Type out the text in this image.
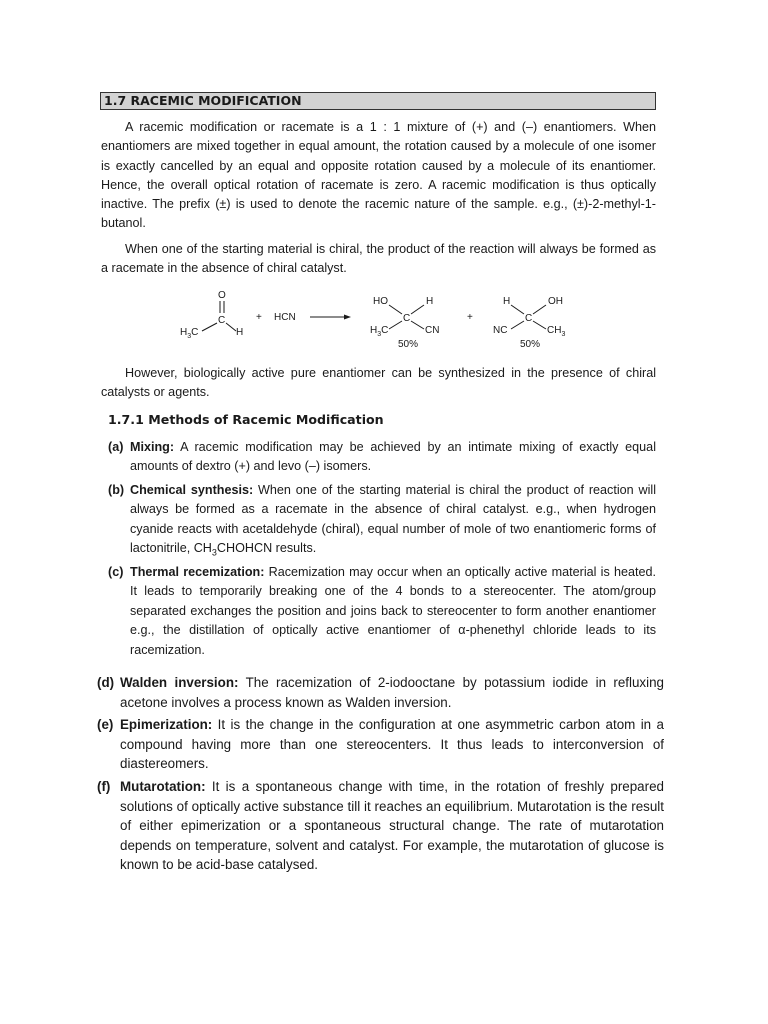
1.7 RACEMIC MODIFICATION
A racemic modification or racemate is a 1 : 1 mixture of (+) and (–) enantiomers. When enantiomers are mixed together in equal amount, the rotation caused by a molecule of one isomer is exactly cancelled by an equal and opposite rotation caused by a molecule of its enantiomer. Hence, the overall optical rotation of racemate is zero. A racemic modification is thus optically inactive. The prefix (±) is used to denote the racemic nature of the sample. e.g., (±)-2-methyl-1-butanol.
When one of the starting material is chiral, the product of the reaction will always be formed as a racemate in the absence of chiral catalyst.
O
C
$H_3C$	H
+ HCN
HO	H
C
$H_3C$	CN
50%
+
H	OH
C
NC	$CH_3$
50%
However, biologically active pure enantiomer can be synthesized in the presence of chiral catalysts or agents.
1.7.1 Methods of Racemic Modification
(a) Mixing: A racemic modification may be achieved by an intimate mixing of exactly equal amounts of dextro (+) and levo (–) isomers.
(b) Chemical synthesis: When one of the starting material is chiral the product of reaction will always be formed as a racemate in the absence of chiral catalyst. e.g., when hydrogen cyanide reacts with acetaldehyde (chiral), equal number of mole of two enantiomeric forms of lactonitrile, $CH_3CHOHCN$ results.
(c) Thermal recemization: Racemization may occur when an optically active material is heated. It leads to temporarily breaking one of the 4 bonds to a stereocenter. The atom/group separated exchanges the position and joins back to stereocenter to form another enantiomer e.g., the distillation of optically active enantiomer of α-phenethyl chloride leads to its racemization.
(d) Walden inversion: The racemization of 2-iodooctane by potassium iodide in refluxing acetone involves a process known as Walden inversion.
(e) Epimerization: It is the change in the configuration at one asymmetric carbon atom in a compound having more than one stereocenters. It thus leads to interconversion of diastereomers.
(f) Mutarotation: It is a spontaneous change with time, in the rotation of freshly prepared solutions of optically active substance till it reaches an equilibrium. Mutarotation is the result of either epimerization or a spontaneous structural change. The rate of mutarotation depends on temperature, solvent and catalyst. For example, the mutarotation of glucose is known to be acid-base catalysed.
